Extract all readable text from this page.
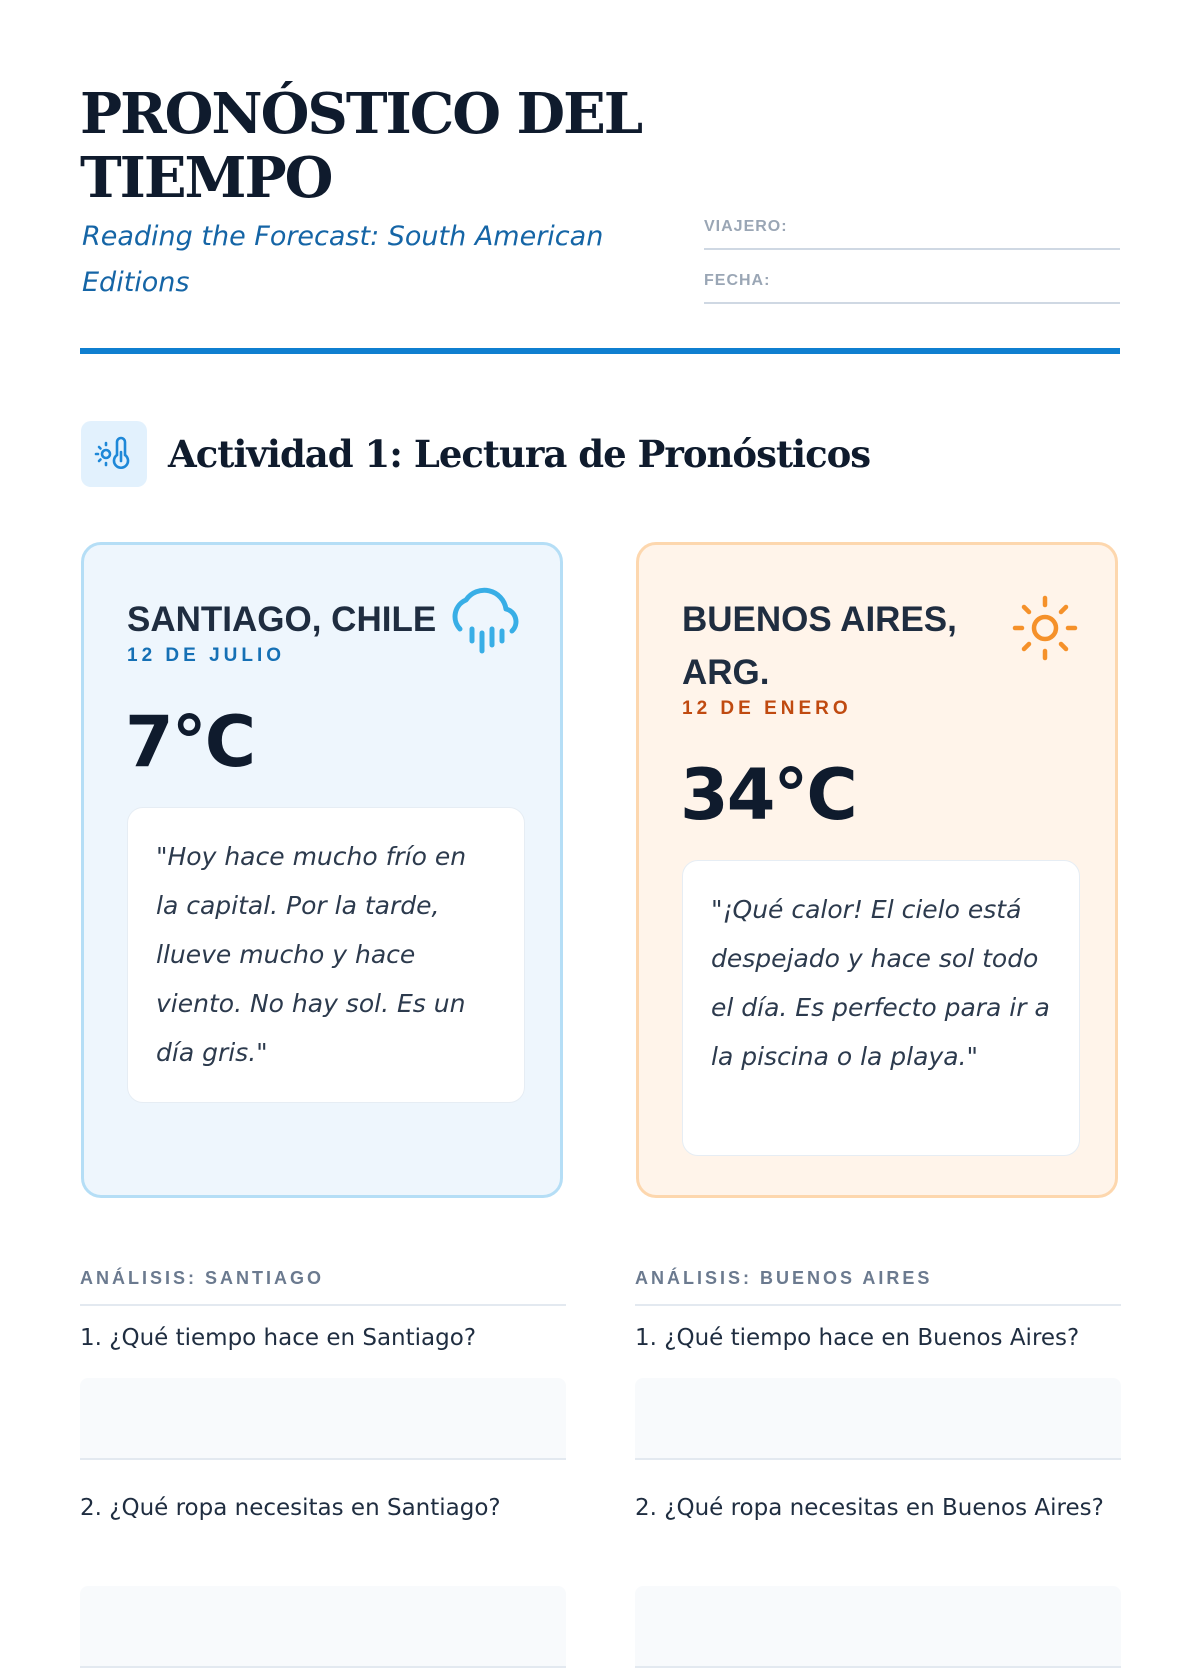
PRONÓSTICO DEL
TIEMPO
Reading the Forecast: South American Editions
VIAJERO:
FECHA:
Actividad 1: Lectura de Pronósticos
SANTIAGO, CHILE
12 DE JULIO
7°C
"Hoy hace mucho frío en la capital. Por la tarde, llueve mucho y hace viento. No hay sol. Es un día gris."
BUENOS AIRES, ARG.
12 DE ENERO
34°C
"¡Qué calor! El cielo está despejado y hace sol todo el día. Es perfecto para ir a la piscina o la playa."
ANÁLISIS: SANTIAGO
1. ¿Qué tiempo hace en Santiago?
2. ¿Qué ropa necesitas en Santiago?
ANÁLISIS: BUENOS AIRES
1. ¿Qué tiempo hace en Buenos Aires?
2. ¿Qué ropa necesitas en Buenos Aires?
